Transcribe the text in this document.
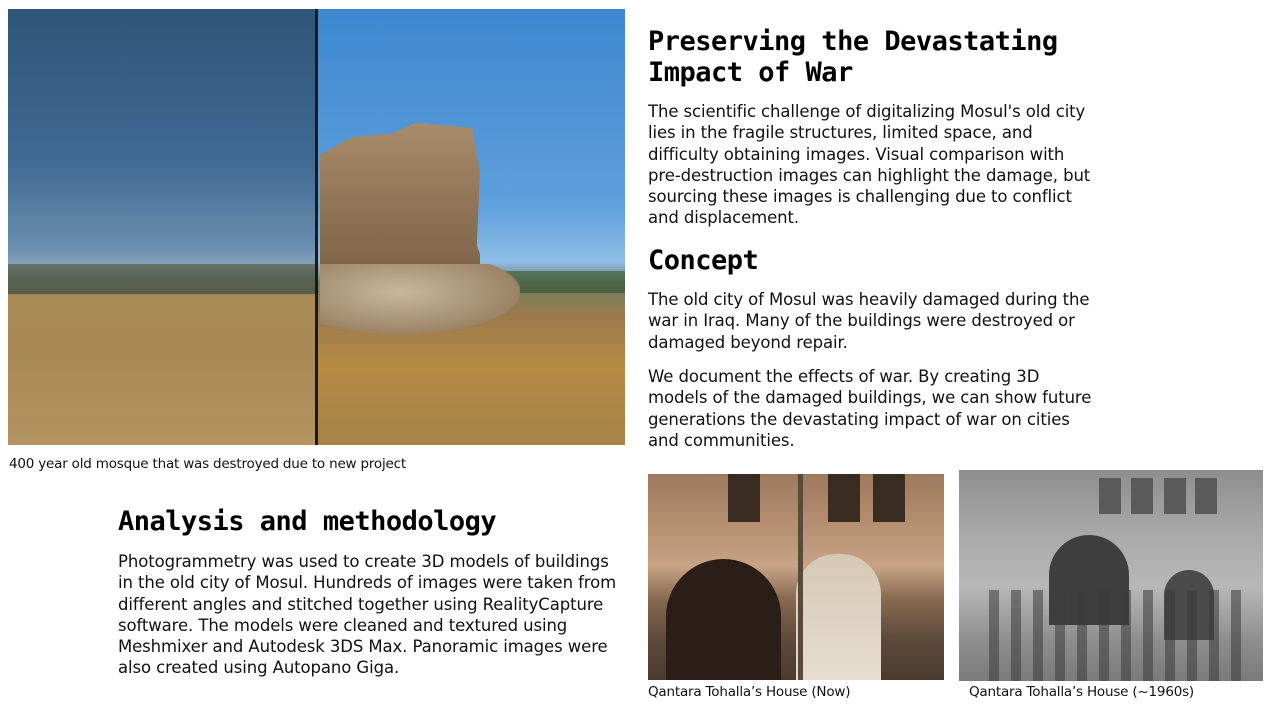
400 year old mosque that was destroyed due to new project
Preserving the Devastating
Impact of War

The scientific challenge of digitalizing Mosul's old city lies in the fragile structures, limited space, and difficulty obtaining images. Visual comparison with pre-destruction images can highlight the damage, but sourcing these images is challenging due to conflict and displacement.

Concept

The old city of Mosul was heavily damaged during the war in Iraq. Many of the buildings were destroyed or damaged beyond repair.

We document the effects of war. By creating 3D models of the damaged buildings, we can show future generations the devastating impact of war on cities and communities.

Analysis and methodology

Photogrammetry was used to create 3D models of buildings in the old city of Mosul. Hundreds of images were taken from different angles and stitched together using RealityCapture software. The models were cleaned and textured using Meshmixer and Autodesk 3DS Max. Panoramic images were also created using Autopano Giga.

Qantara Tohalla’s House (Now)	Qantara Tohalla’s House (~1960s)
